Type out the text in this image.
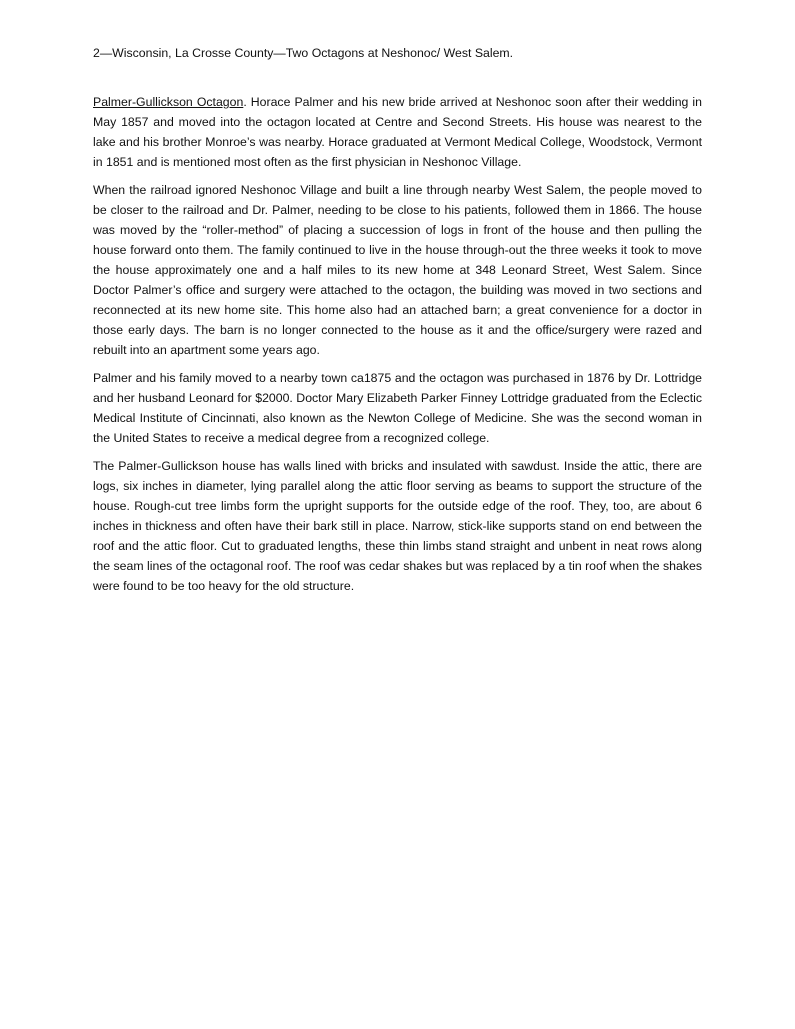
2—Wisconsin, La Crosse County—Two Octagons at Neshonoc/ West Salem.

Palmer-Gullickson Octagon. Horace Palmer and his new bride arrived at Neshonoc soon after their wedding in May 1857 and moved into the octagon located at Centre and Second Streets. His house was nearest to the lake and his brother Monroe’s was nearby. Horace graduated at Vermont Medical College, Woodstock, Vermont in 1851 and is mentioned most often as the first physician in Neshonoc Village.

When the railroad ignored Neshonoc Village and built a line through nearby West Salem, the people moved to be closer to the railroad and Dr. Palmer, needing to be close to his patients, followed them in 1866. The house was moved by the “roller-method” of placing a succession of logs in front of the house and then pulling the house forward onto them. The family continued to live in the house through-out the three weeks it took to move the house approximately one and a half miles to its new home at 348 Leonard Street, West Salem. Since Doctor Palmer’s office and surgery were attached to the octagon, the building was moved in two sections and reconnected at its new home site. This home also had an attached barn; a great convenience for a doctor in those early days. The barn is no longer connected to the house as it and the office/surgery were razed and rebuilt into an apartment some years ago.

Palmer and his family moved to a nearby town ca1875 and the octagon was purchased in 1876 by Dr. Lottridge and her husband Leonard for $2000. Doctor Mary Elizabeth Parker Finney Lottridge graduated from the Eclectic Medical Institute of Cincinnati, also known as the Newton College of Medicine. She was the second woman in the United States to receive a medical degree from a recognized college.

The Palmer-Gullickson house has walls lined with bricks and insulated with sawdust. Inside the attic, there are logs, six inches in diameter, lying parallel along the attic floor serving as beams to support the structure of the house. Rough-cut tree limbs form the upright supports for the outside edge of the roof. They, too, are about 6 inches in thickness and often have their bark still in place. Narrow, stick-like supports stand on end between the roof and the attic floor. Cut to graduated lengths, these thin limbs stand straight and unbent in neat rows along the seam lines of the octagonal roof. The roof was cedar shakes but was replaced by a tin roof when the shakes were found to be too heavy for the old structure.
